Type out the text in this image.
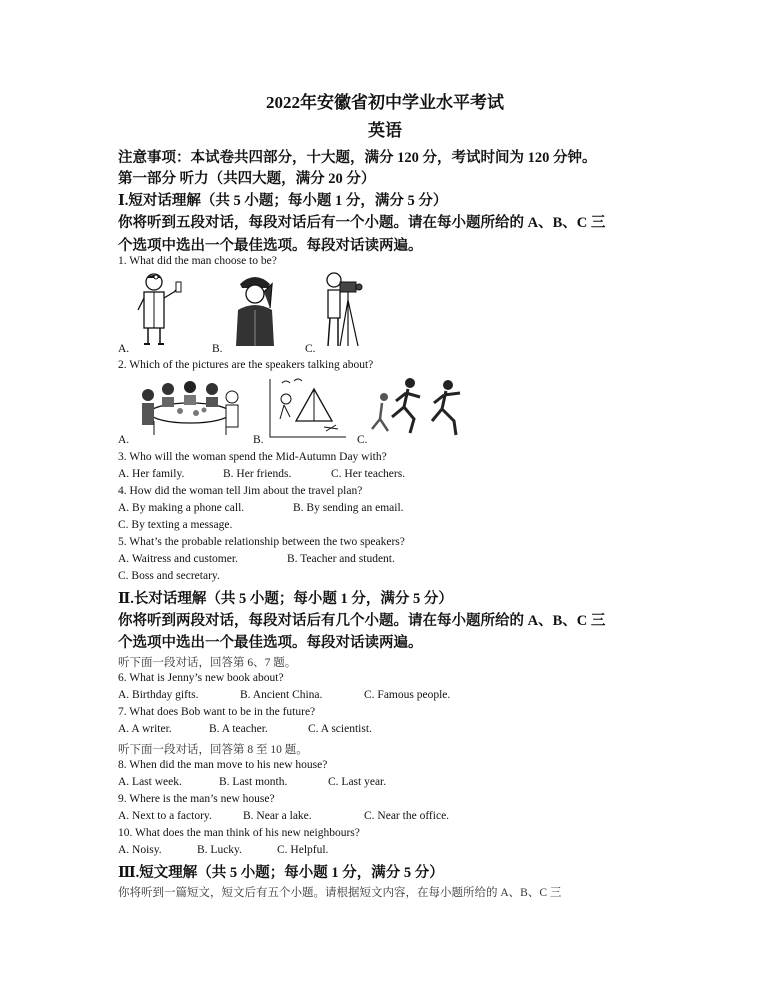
2022年安徽省初中学业水平考试
英语
注意事项：本试卷共四部分，十大题，满分 120 分，考试时间为 120 分钟。
第一部分 听力（共四大题，满分 20 分）
Ⅰ.短对话理解（共 5 小题；每小题 1 分，满分 5 分）
你将听到五段对话，每段对话后有一个小题。请在每小题所给的 A、B、C 三
个选项中选出一个最佳选项。每段对话读两遍。
1. What did the man choose to be?
A.	B.	C.
2. Which of the pictures are the speakers talking about?
A.	B.	C.
3. Who will the woman spend the Mid-Autumn Day with?
A. Her family.	B. Her friends.	C. Her teachers.
4. How did the woman tell Jim about the travel plan?
A. By making a phone call.	B. By sending an email.
C. By texting a message.
5. What’s the probable relationship between the two speakers?
A. Waitress and customer.	B. Teacher and student.
C. Boss and secretary.
Ⅱ.长对话理解（共 5 小题；每小题 1 分，满分 5 分）
你将听到两段对话，每段对话后有几个小题。请在每小题所给的 A、B、C 三
个选项中选出一个最佳选项。每段对话读两遍。
听下面一段对话，回答第 6、7 题。
6. What is Jenny’s new book about?
A. Birthday gifts.	B. Ancient China.	C. Famous people.
7. What does Bob want to be in the future?
A. A writer.	B. A teacher.	C. A scientist.
听下面一段对话，回答第 8 至 10 题。
8. When did the man move to his new house?
A. Last week.	B. Last month.	C. Last year.
9. Where is the man’s new house?
A. Next to a factory.	B. Near a lake.	C. Near the office.
10. What does the man think of his new neighbours?
A. Noisy.	B. Lucky.	C. Helpful.
Ⅲ.短文理解（共 5 小题；每小题 1 分，满分 5 分）
你将听到一篇短文，短文后有五个小题。请根据短文内容，在每小题所给的 A、B、C 三
